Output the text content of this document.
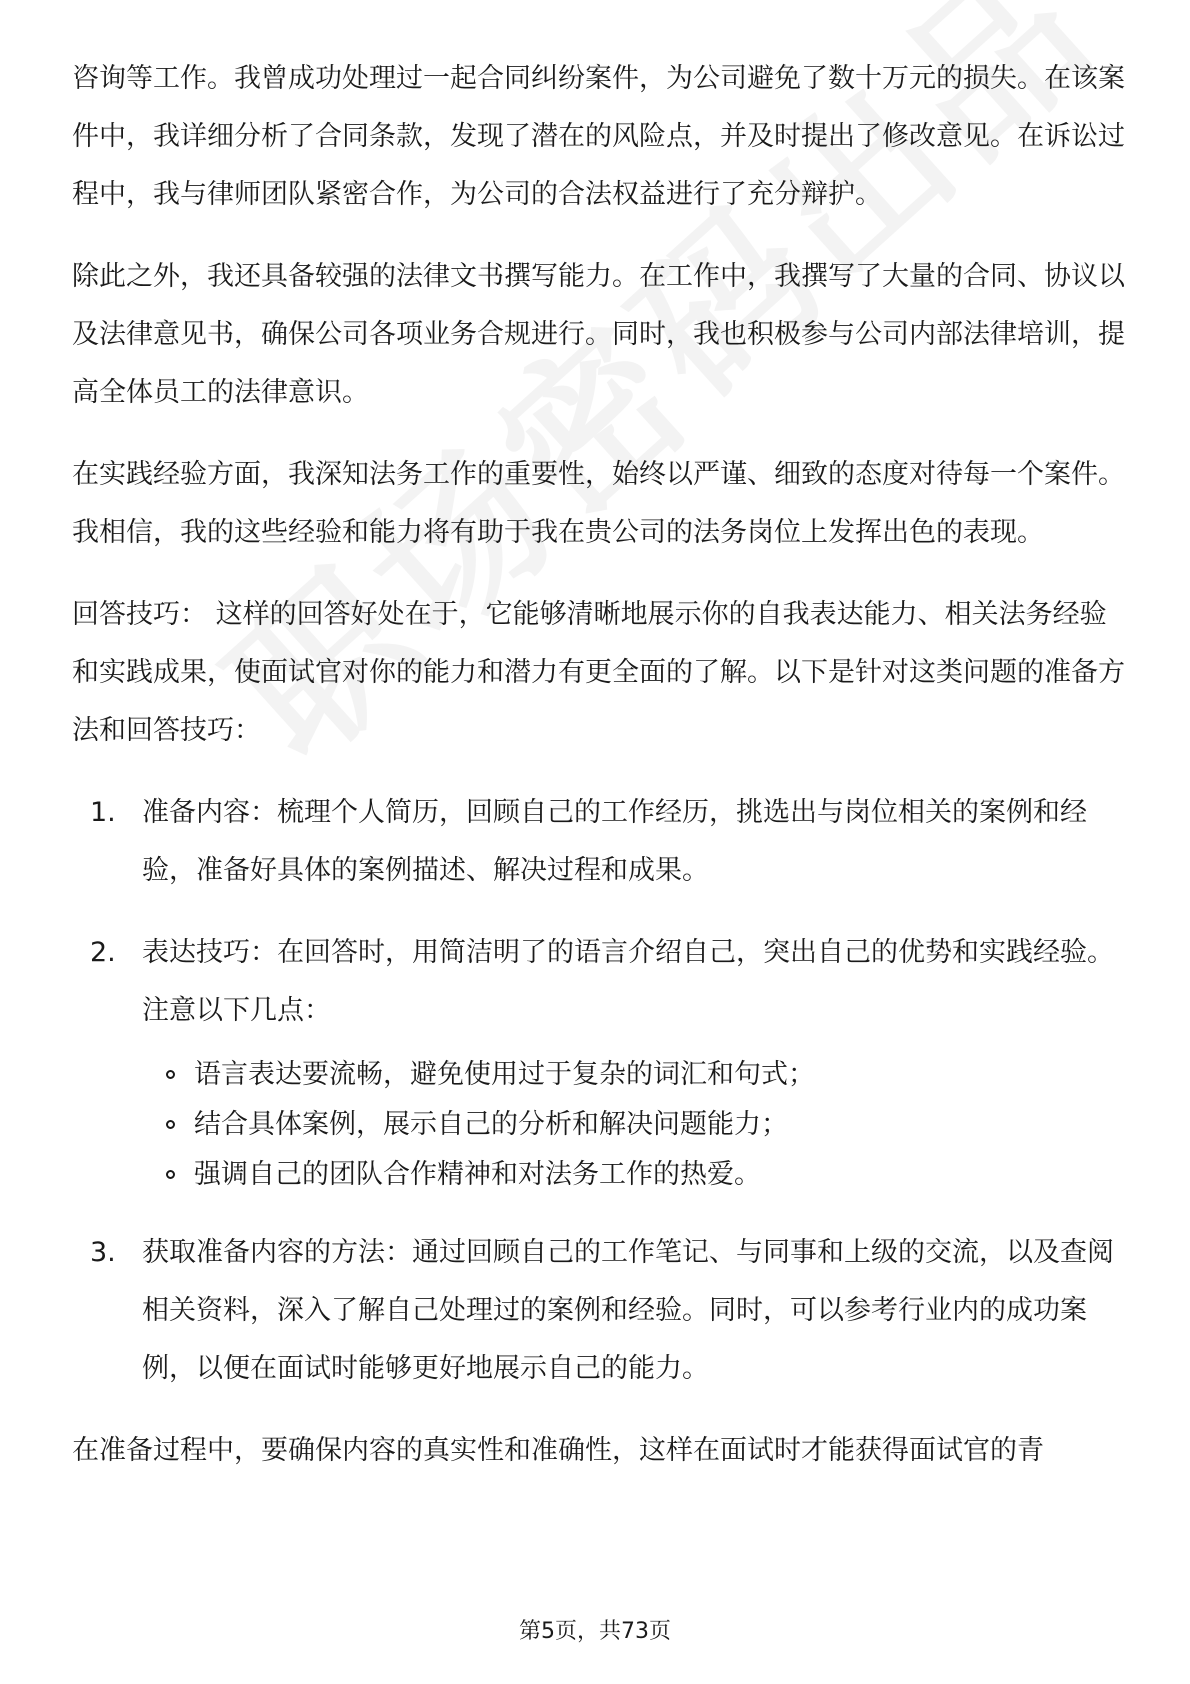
咨询等工作。我曾成功处理过一起合同纠纷案件，为公司避免了数十万元的损失。在该案件中，我详细分析了合同条款，发现了潜在的风险点，并及时提出了修改意见。在诉讼过程中，我与律师团队紧密合作，为公司的合法权益进行了充分辩护。

除此之外，我还具备较强的法律文书撰写能力。在工作中，我撰写了大量的合同、协议以及法律意见书，确保公司各项业务合规进行。同时，我也积极参与公司内部法律培训，提高全体员工的法律意识。

在实践经验方面，我深知法务工作的重要性，始终以严谨、细致的态度对待每一个案件。我相信，我的这些经验和能力将有助于我在贵公司的法务岗位上发挥出色的表现。

回答技巧： 这样的回答好处在于，它能够清晰地展示你的自我表达能力、相关法务经验和实践成果，使面试官对你的能力和潜力有更全面的了解。以下是针对这类问题的准备方法和回答技巧：

1. 准备内容：梳理个人简历，回顾自己的工作经历，挑选出与岗位相关的案例和经验，准备好具体的案例描述、解决过程和成果。
2. 表达技巧：在回答时，用简洁明了的语言介绍自己，突出自己的优势和实践经验。注意以下几点：
语言表达要流畅，避免使用过于复杂的词汇和句式；
结合具体案例，展示自己的分析和解决问题能力；
强调自己的团队合作精神和对法务工作的热爱。
3. 获取准备内容的方法：通过回顾自己的工作笔记、与同事和上级的交流，以及查阅相关资料，深入了解自己处理过的案例和经验。同时，可以参考行业内的成功案例，以便在面试时能够更好地展示自己的能力。

在准备过程中，要确保内容的真实性和准确性，这样在面试时才能获得面试官的青

第5页，共73页
